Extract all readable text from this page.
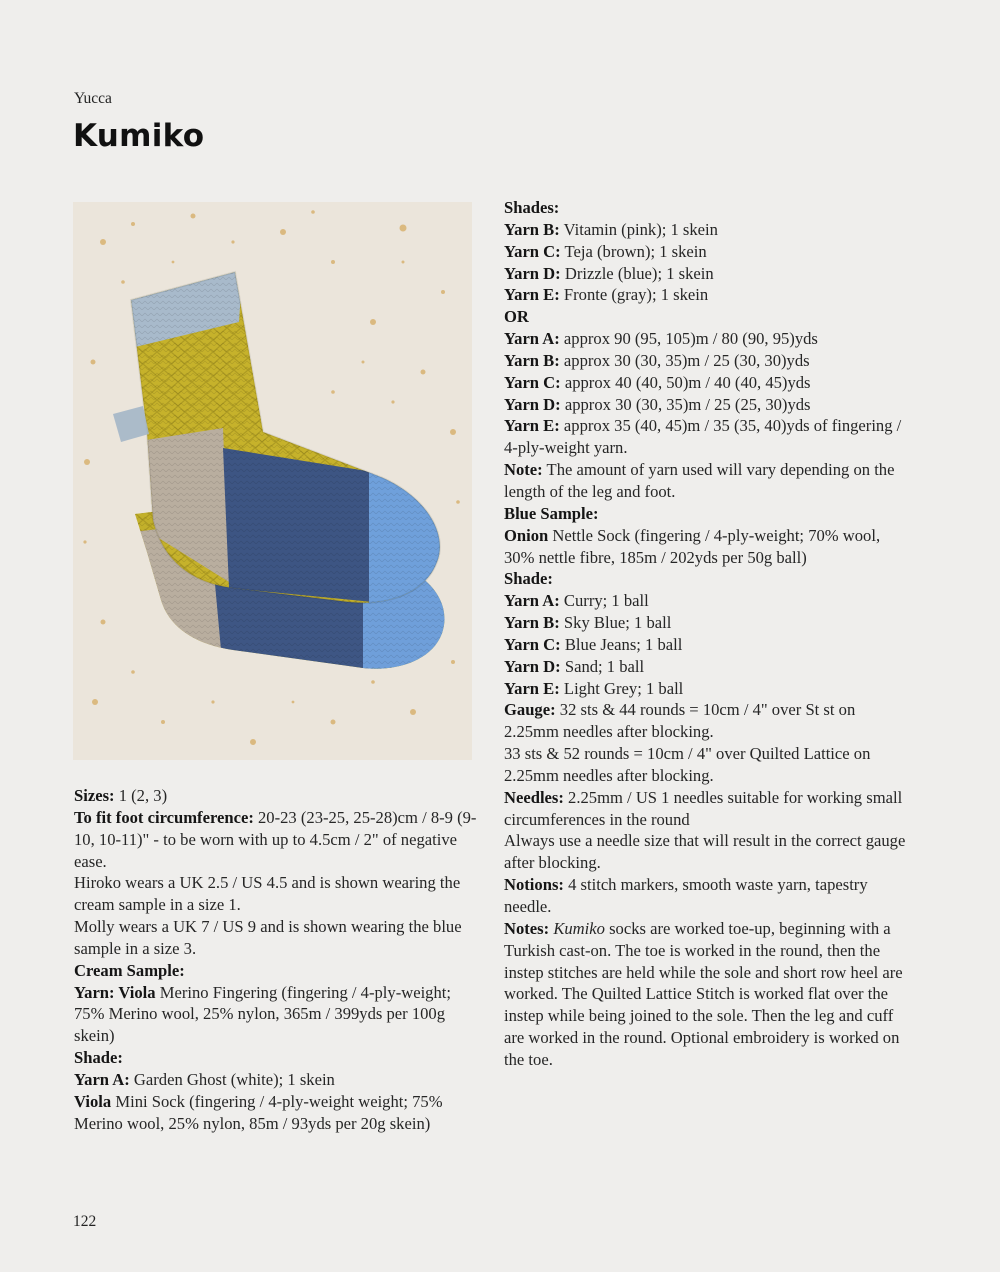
Yucca
Kumiko

Sizes: 1 (2, 3)

To fit foot circumference: 20-23 (23-25, 25-28)cm / 8-9 (9-10, 10-11)" - to be worn with up to 4.5cm / 2" of negative ease.

Hiroko wears a UK 2.5 / US 4.5 and is shown wearing the cream sample in a size 1.

Molly wears a UK 7 / US 9 and is shown wearing the blue sample in a size 3.

Cream Sample:

Yarn: Viola Merino Fingering (fingering / 4-ply-weight; 75% Merino wool, 25% nylon, 365m / 399yds per 100g skein)

Shade:

Yarn A: Garden Ghost (white); 1 skein

Viola Mini Sock (fingering / 4-ply-weight weight; 75% Merino wool, 25% nylon, 85m / 93yds per 20g skein)

Shades:

Yarn B: Vitamin (pink); 1 skein

Yarn C: Teja (brown); 1 skein

Yarn D: Drizzle (blue); 1 skein

Yarn E: Fronte (gray); 1 skein

OR

Yarn A: approx 90 (95, 105)m / 80 (90, 95)yds

Yarn B: approx 30 (30, 35)m / 25 (30, 30)yds

Yarn C: approx 40 (40, 50)m / 40 (40, 45)yds

Yarn D: approx 30 (30, 35)m / 25 (25, 30)yds

Yarn E: approx 35 (40, 45)m / 35 (35, 40)yds of fingering / 4-ply-weight yarn.

Note: The amount of yarn used will vary depending on the length of the leg and foot.

Blue Sample:

Onion Nettle Sock (fingering / 4-ply-weight; 70% wool, 30% nettle fibre, 185m / 202yds per 50g ball)

Shade:

Yarn A: Curry; 1 ball

Yarn B: Sky Blue; 1 ball

Yarn C: Blue Jeans; 1 ball

Yarn D: Sand; 1 ball

Yarn E: Light Grey; 1 ball

Gauge: 32 sts & 44 rounds = 10cm / 4" over St st on 2.25mm needles after blocking.

33 sts & 52 rounds = 10cm / 4" over Quilted Lattice on 2.25mm needles after blocking.

Needles: 2.25mm / US 1 needles suitable for working small circumferences in the round

Always use a needle size that will result in the correct gauge after blocking.

Notions: 4 stitch markers, smooth waste yarn, tapestry needle.

Notes: Kumiko socks are worked toe-up, beginning with a Turkish cast-on. The toe is worked in the round, then the instep stitches are held while the sole and short row heel are worked. The Quilted Lattice Stitch is worked flat over the instep while being joined to the sole. Then the leg and cuff are worked in the round. Optional embroidery is worked on the toe.

122
